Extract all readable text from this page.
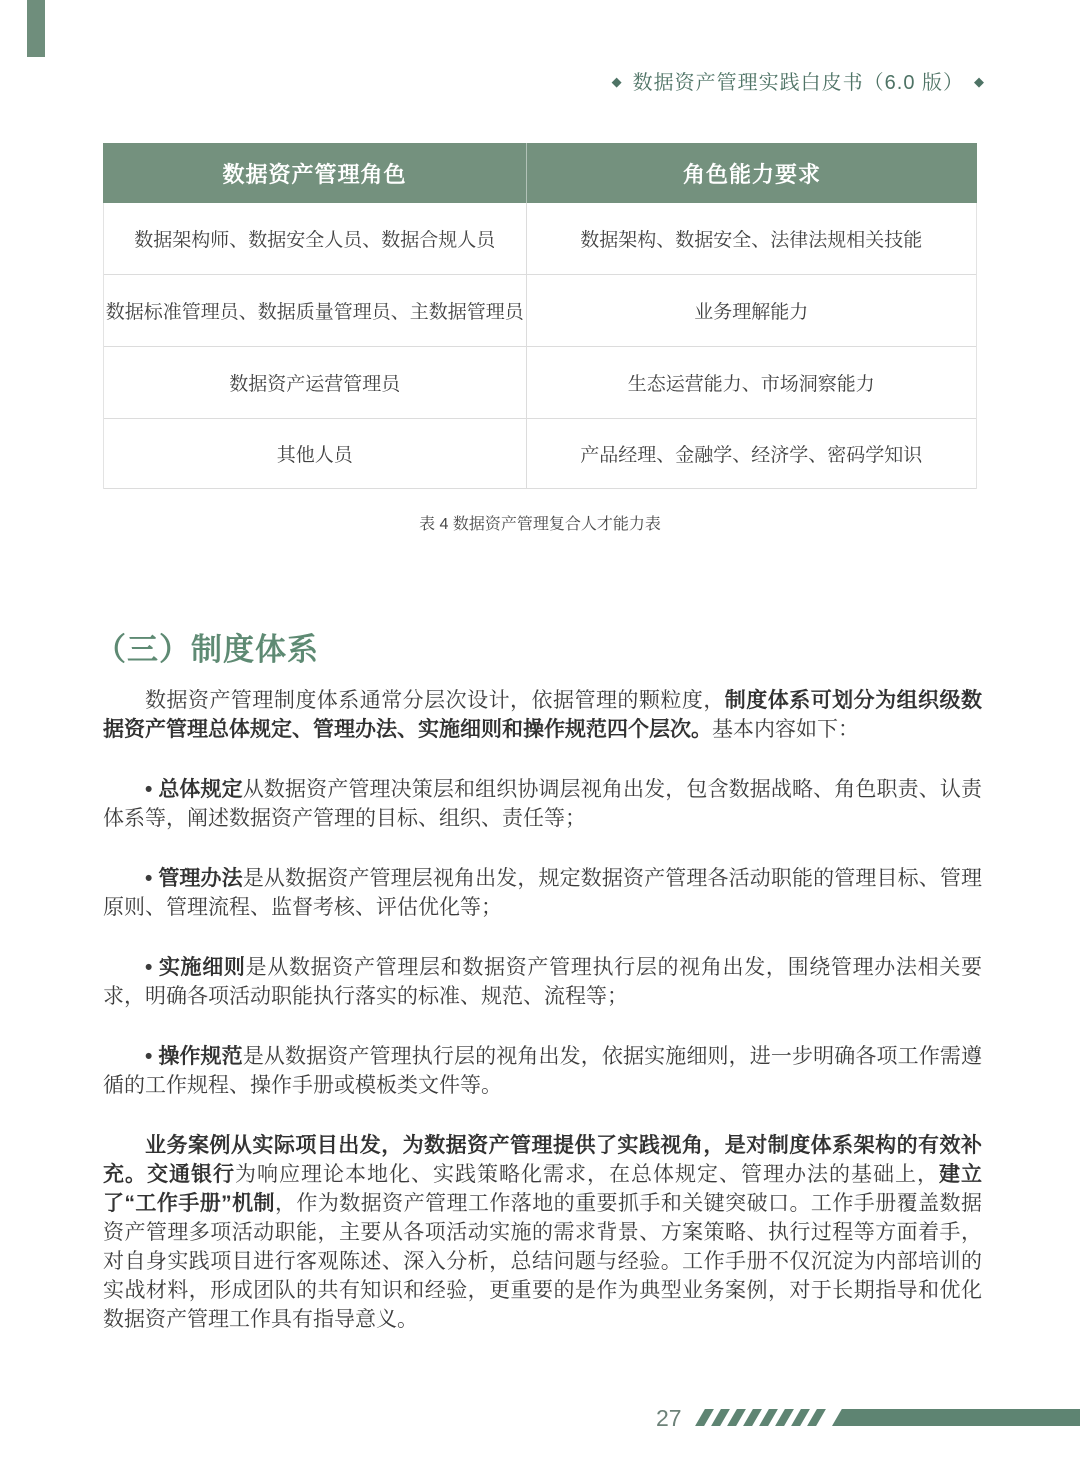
◆ 数据资产管理实践白皮书（6.0 版） ◆
数据资产管理角色	角色能力要求
数据架构师、数据安全人员、数据合规人员	数据架构、数据安全、法律法规相关技能
数据标准管理员、数据质量管理员、主数据管理员	业务理解能力
数据资产运营管理员	生态运营能力、市场洞察能力
其他人员	产品经理、金融学、经济学、密码学知识
表 4 数据资产管理复合人才能力表
（三）制度体系

数据资产管理制度体系通常分层次设计，依据管理的颗粒度，制度体系可划分为组织级数据资产管理总体规定、管理办法、实施细则和操作规范四个层次。基本内容如下：

• 总体规定从数据资产管理决策层和组织协调层视角出发，包含数据战略、角色职责、认责体系等，阐述数据资产管理的目标、组织、责任等；

• 管理办法是从数据资产管理层视角出发，规定数据资产管理各活动职能的管理目标、管理原则、管理流程、监督考核、评估优化等；

• 实施细则是从数据资产管理层和数据资产管理执行层的视角出发，围绕管理办法相关要求，明确各项活动职能执行落实的标准、规范、流程等；

• 操作规范是从数据资产管理执行层的视角出发，依据实施细则，进一步明确各项工作需遵循的工作规程、操作手册或模板类文件等。

业务案例从实际项目出发，为数据资产管理提供了实践视角，是对制度体系架构的有效补充。交通银行为响应理论本地化、实践策略化需求，在总体规定、管理办法的基础上，建立了“工作手册”机制，作为数据资产管理工作落地的重要抓手和关键突破口。工作手册覆盖数据资产管理多项活动职能，主要从各项活动实施的需求背景、方案策略、执行过程等方面着手，对自身实践项目进行客观陈述、深入分析，总结问题与经验。工作手册不仅沉淀为内部培训的实战材料，形成团队的共有知识和经验，更重要的是作为典型业务案例，对于长期指导和优化数据资产管理工作具有指导意义。

27
